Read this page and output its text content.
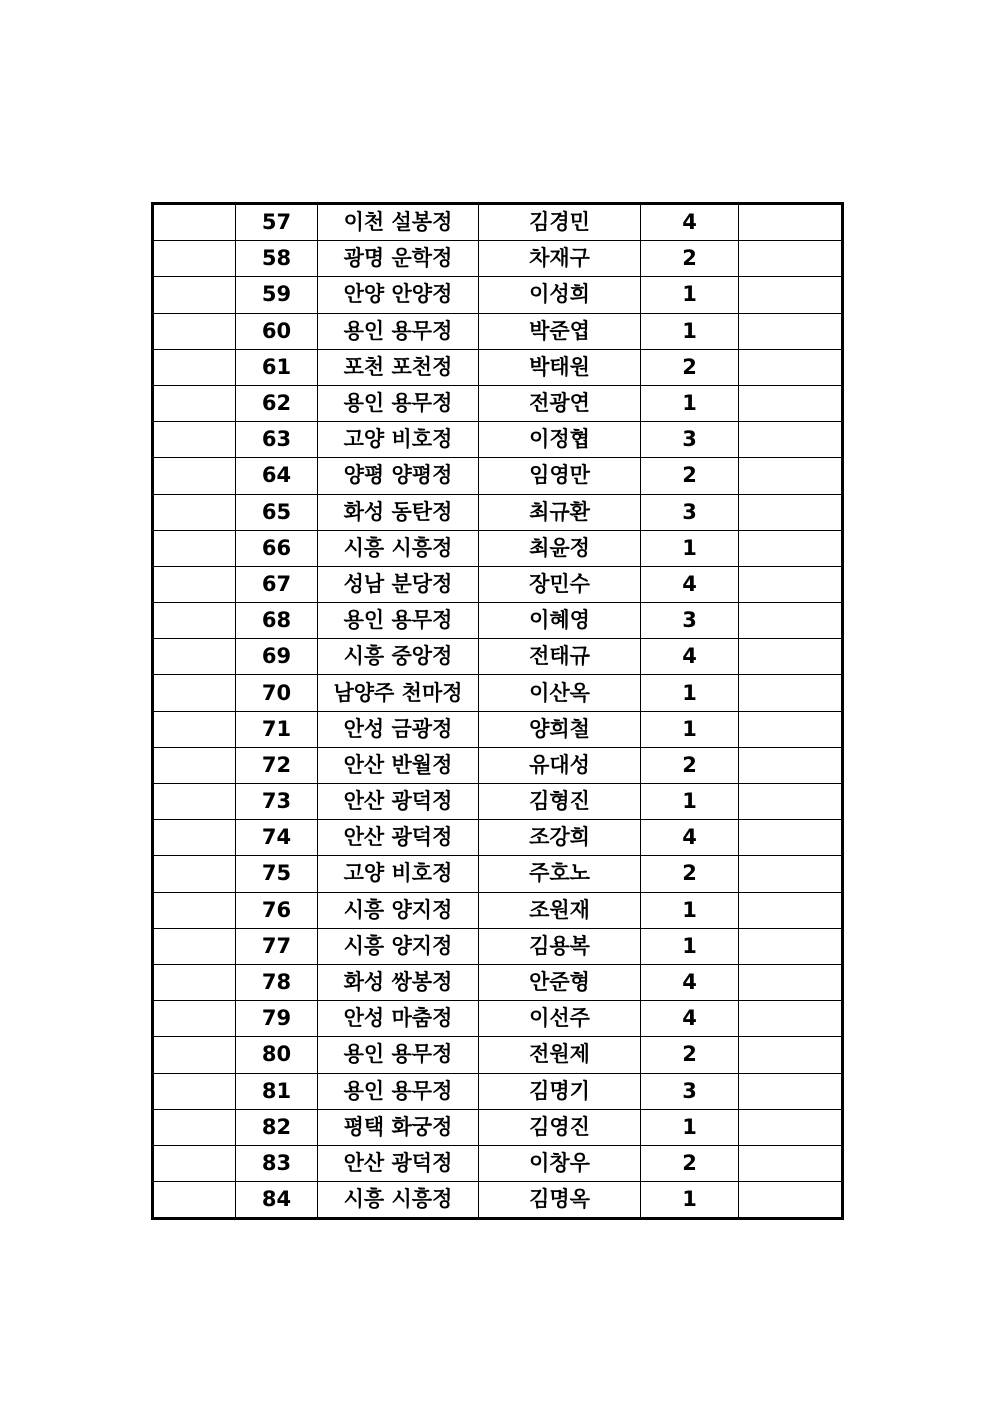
	57	이천 설봉정	김경민	4	
	58	광명 운학정	차재구	2	
	59	안양 안양정	이성희	1	
	60	용인 용무정	박준엽	1	
	61	포천 포천정	박태원	2	
	62	용인 용무정	전광연	1	
	63	고양 비호정	이정협	3	
	64	양평 양평정	임영만	2	
	65	화성 동탄정	최규환	3	
	66	시흥 시흥정	최윤정	1	
	67	성남 분당정	장민수	4	
	68	용인 용무정	이혜영	3	
	69	시흥 중앙정	전태규	4	
	70	남양주 천마정	이산옥	1	
	71	안성 금광정	양희철	1	
	72	안산 반월정	유대성	2	
	73	안산 광덕정	김형진	1	
	74	안산 광덕정	조강희	4	
	75	고양 비호정	주호노	2	
	76	시흥 양지정	조원재	1	
	77	시흥 양지정	김용복	1	
	78	화성 쌍봉정	안준형	4	
	79	안성 마춤정	이선주	4	
	80	용인 용무정	전원제	2	
	81	용인 용무정	김명기	3	
	82	평택 화궁정	김영진	1	
	83	안산 광덕정	이창우	2	
	84	시흥 시흥정	김명옥	1	
